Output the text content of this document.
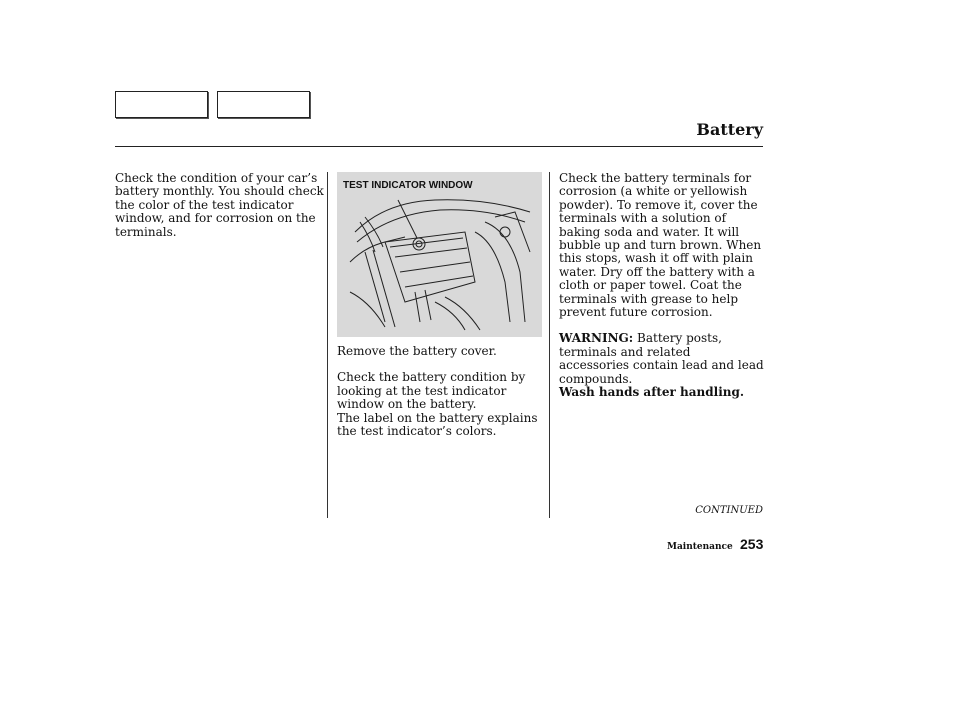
Battery

Check the condition of your car’s battery monthly. You should check the color of the test indicator window, and for corrosion on the terminals.

TEST INDICATOR WINDOW

Remove the battery cover.

Check the battery condition by looking at the test indicator window on the battery.

The label on the battery explains the test indicator’s colors.

Check the battery terminals for corrosion (a white or yellowish powder). To remove it, cover the terminals with a solution of baking soda and water. It will bubble up and turn brown. When this stops, wash it off with plain water. Dry off the battery with a cloth or paper towel. Coat the terminals with grease to help prevent future corrosion.

WARNING: Battery posts, terminals and related accessories contain lead and lead compounds.
Wash hands after handling.

CONTINUED
Maintenance 253
